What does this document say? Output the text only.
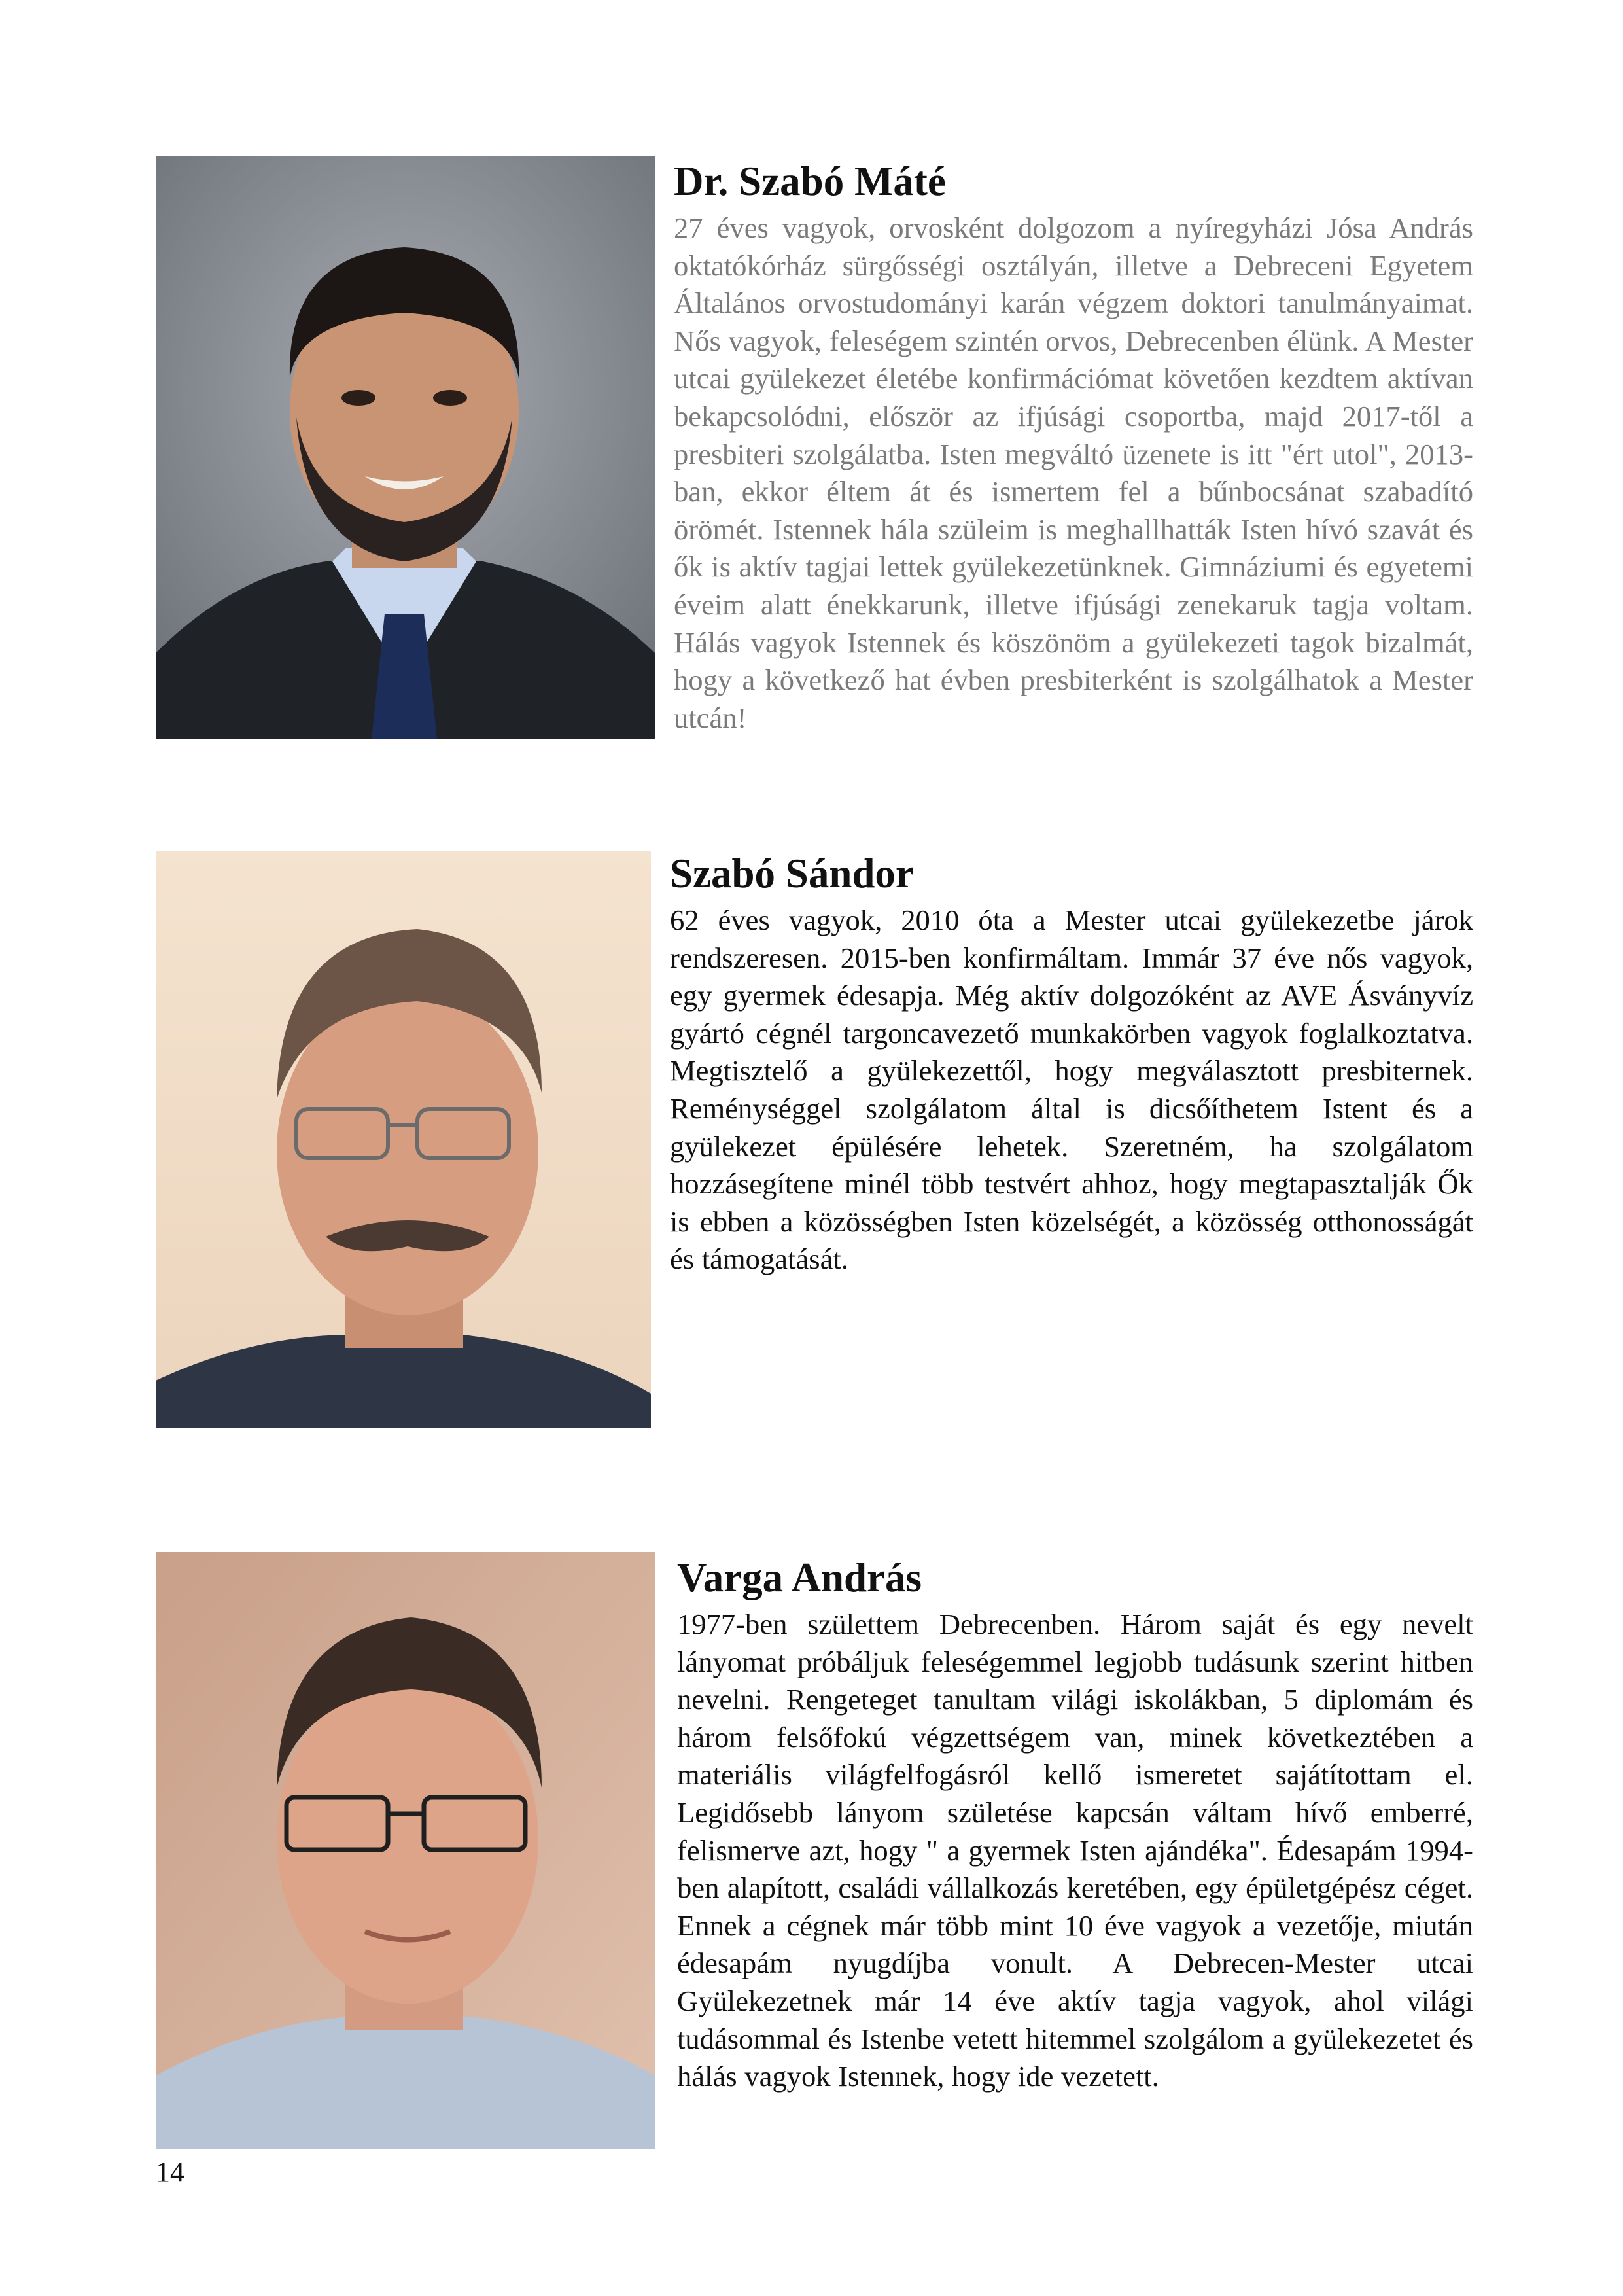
Dr. Szabó Máté

27 éves vagyok, orvosként dolgozom a nyíregyházi Jósa András oktatókórház sürgősségi osztályán, illetve a Debreceni Egyetem Általános orvostudományi karán végzem doktori tanulmányaimat. Nős vagyok, feleségem szintén orvos, Debrecenben élünk. A Mester utcai gyülekezet életébe konfirmációmat követően kezdtem aktívan bekapcsolódni, először az ifjúsági csoportba, majd 2017-től a presbiteri szolgálatba. Isten megváltó üzenete is itt "ért utol", 2013-ban, ekkor éltem át és ismertem fel a bűnbocsánat szabadító örömét. Istennek hála szüleim is meghallhatták Isten hívó szavát és ők is aktív tagjai lettek gyülekezetünknek. Gimnáziumi és egyetemi éveim alatt énekkarunk, illetve ifjúsági zenekaruk tagja voltam. Hálás vagyok Istennek és köszönöm a gyülekezeti tagok bizalmát, hogy a következő hat évben presbiterként is szolgálhatok a Mester utcán!

Szabó Sándor

62 éves vagyok, 2010 óta a Mester utcai gyülekezetbe járok rendszeresen. 2015-ben konfirmáltam. Immár 37 éve nős vagyok, egy gyermek édesapja. Még aktív dolgozóként az AVE Ásványvíz gyártó cégnél targoncavezető munkakörben vagyok foglalkoztatva. Megtisztelő a gyülekezettől, hogy megválasztott presbiternek. Reménységgel szolgálatom által is dicsőíthetem Istent és a gyülekezet épülésére lehetek. Szeretném, ha szolgálatom hozzásegítene minél több testvért ahhoz, hogy megtapasztalják Ők is ebben a közösségben Isten közelségét, a közösség otthonosságát és támogatását.

Varga András

1977-ben születtem Debrecenben. Három saját és egy nevelt lányomat próbáljuk feleségemmel legjobb tudásunk szerint hitben nevelni. Rengeteget tanultam világi iskolákban, 5 diplomám és három felsőfokú végzettségem van, minek következtében a materiális világfelfogásról kellő ismeretet sajátítottam el. Legidősebb lányom születése kapcsán váltam hívő emberré, felismerve azt, hogy " a gyermek Isten ajándéka". Édesapám 1994-ben alapított, családi vállalkozás keretében, egy épületgépész céget. Ennek a cégnek már több mint 10 éve vagyok a vezetője, miután édesapám nyugdíjba vonult. A Debrecen-Mester utcai Gyülekezetnek már 14 éve aktív tagja vagyok, ahol világi tudásommal és Istenbe vetett hitemmel szolgálom a gyülekezetet és hálás vagyok Istennek, hogy ide vezetett.

14
